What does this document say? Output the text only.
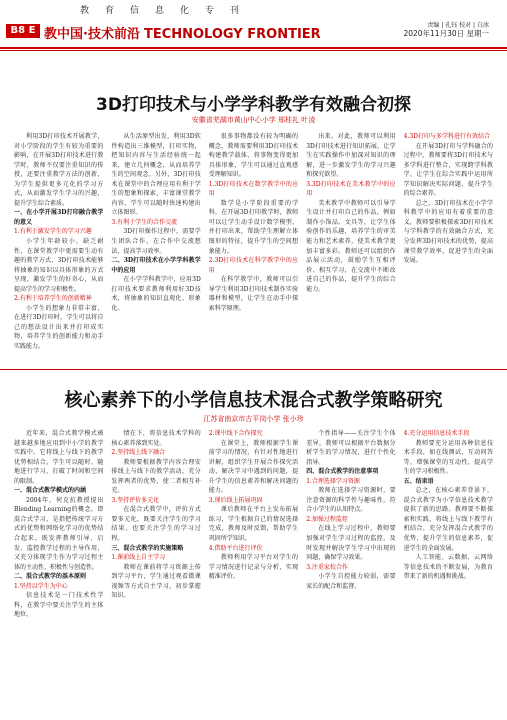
教育信息化专刊
B8 E 教中国·技术前沿 TECHNOLOGY FRONTIER
责编 | 孔钰 校对 | 白冰
2020年11月30日 星期一
3D打印技术与小学学科教学有效融合初探
安徽省芜湖市黄山中心小学 邢桂礼 叶凌

利用3D打印技术开展教学，对小学阶段的学生有较为重要的影响，在开展3D打印技术进行教学时，教师不仅要注重知识的传授，还要注重教学方法的创新，为学生提供更多元化的学习方式，从而激发学生学习的兴趣，提升学生综合素质。

一、在小学开展3D打印融合教学的意义

1.有利于激发学生的学习兴趣

小学生年龄较小，缺乏耐性，在课堂教学中更需要生动有趣的教学方式，3D打印技术能够将抽象的知识以具体形象的方式呈现，激发学生的好奇心，从而提高学生的学习积极性。

2.有利于培养学生的创新精神

小学生的想象力非常丰富，在进行3D打印时，学生可以将自己的想法设计出来并打印成实物，培养学生的创新能力和动手实践能力。

从生活原型出发，利用3D软件构造出三维模型，打印实物，把知识内容与生活经验统一起来，建立几何概念，从而培养学生的空间观念。另外，3D打印技术在课堂中的合理应用有利于学生的想象和探索，丰富课堂教学内容，学生可以随时快速构建出立体图形。

3.有利于学生的合作交流

3D打印操作过程中，需要学生团队合作，在合作中交流想法，提高学习效率。

二、3D打印技术在小学学科教学中的应用

在小学学科教学中，应用3D打印技术要求教师利用好3D技术，将抽象的知识直观化、形象化。

很多事物都没有较为明确的概念，教师需要利用3D打印技术构建教学载体，将事物变得更加具体形象，学生可以通过直观感受理解知识。

1.3D打印技术在数学教学中的应用

数学是小学阶段重要的学科，在开展3D打印教学时，教师可以让学生动手设计数学模型，并打印出来，帮助学生理解立体图形的特征，提升学生的空间想象能力。

2.3D打印技术在科学教学中的应用

在科学教学中，教师可以引导学生利用3D打印技术制作实验器材和模型，让学生在动手中探索科学原理。

出来。对此，教师可以利用3D打印技术进行知识拓展，让学生在实践操作中加深对知识的理解，进一步激发学生的学习兴趣和探究欲望。

3.3D打印技术在美术教学中的应用

美术教学中教师可以引导学生设计并打印自己的作品，例如制作小饰品、文具等，让学生体验创作的乐趣，培养学生的审美能力和艺术素养，使美术教学更加丰富多彩。教师还可以组织作品展示活动，鼓励学生互相评价、相互学习，在交流中不断改进自己的作品，提升学生的综合能力。

4.3D打印与多学科进行有效结合

在开展3D打印与学科融合的过程中，教师要将3D打印技术与多学科进行整合，实现跨学科教学，让学生在综合实践中运用所学知识解决实际问题，提升学生的综合素养。

总之，3D打印技术在小学学科教学中的应用有着重要的意义，教师要积极探索3D打印技术与学科教学的有效融合方式，充分发挥3D打印技术的优势，提高课堂教学效率，促进学生的全面发展。

核心素养下的小学信息技术混合式教学策略研究
江苏省南京市古平岗小学 张小珍

近年来，混合式教学模式被越来越多地应用到中小学的教学实践中。它将线上与线下的教学优势相结合，学生可以随时、随地进行学习，打破了时间和空间的限制。

一、混合式教学模式的内涵

2004年，何克抗教授提出Blending Learning的概念，即混合式学习，是指把传统学习方式的优势和网络化学习的优势结合起来，既发挥教师引导、启发、监控教学过程的主导作用，又充分体现学生作为学习过程主体的主动性、积极性与创造性。

二、混合式教学的基本原则

1.坚持以学生为中心

信息技术是一门技术性学科，在教学中要关注学生的主体地位。

情在下，将信息技术学科的核心素养落到实处。

2.坚持线上线下融合

教师要根据教学内容合理安排线上与线下的教学活动，充分发挥两者的优势，使二者相互补充。

3.坚持评价多元化

在混合式教学中，评价方式要多元化，既要关注学生的学习结果，也要关注学生的学习过程。

三、混合式教学的实施策略

1.课前线上自主学习

教师在课前将学习资源上传到学习平台，学生通过观看微课视频等方式自主学习，初步掌握知识。

2.课中线下合作探究

在课堂上，教师根据学生课前学习的情况，有针对性地进行讲解，组织学生开展合作探究活动，解决学习中遇到的问题，提升学生的信息素养和解决问题的能力。

3.课后线上拓展巩固

课后教师在平台上发布拓展练习，学生根据自己的情况选择完成，教师及时反馈，帮助学生巩固所学知识。

4.借助平台进行评价

教师利用学习平台对学生的学习情况进行记录与分析，实现精准评价。

个性指导——关注学生个体差异，教师可以根据平台数据分析学生的学习情况，进行个性化指导。

四、混合式教学的注意事项

1.合理选择学习资源

教师在选择学习资源时，要注意资源的科学性与趣味性，符合小学生的认知特点。

2.加强过程监控

在线上学习过程中，教师要加强对学生学习过程的监控，及时发现并解决学生学习中出现的问题，确保学习效果。

3.注重家校合作

小学生自控能力较弱，需要家长的配合和监督。

4.充分运用信息技术手段

教师要充分运用各种信息技术手段，如在线测试、互动问答等，增强课堂的互动性，提高学生的学习积极性。

五、结束语

总之，在核心素养背景下，混合式教学为小学信息技术教学提供了新的思路。教师要不断探索和实践，将线上与线下教学有机结合，充分发挥混合式教学的优势，提升学生的信息素养，促进学生的全面发展。

人工智能、云数据、云网络等信息技术的不断发展，为教育带来了新的机遇和挑战。
